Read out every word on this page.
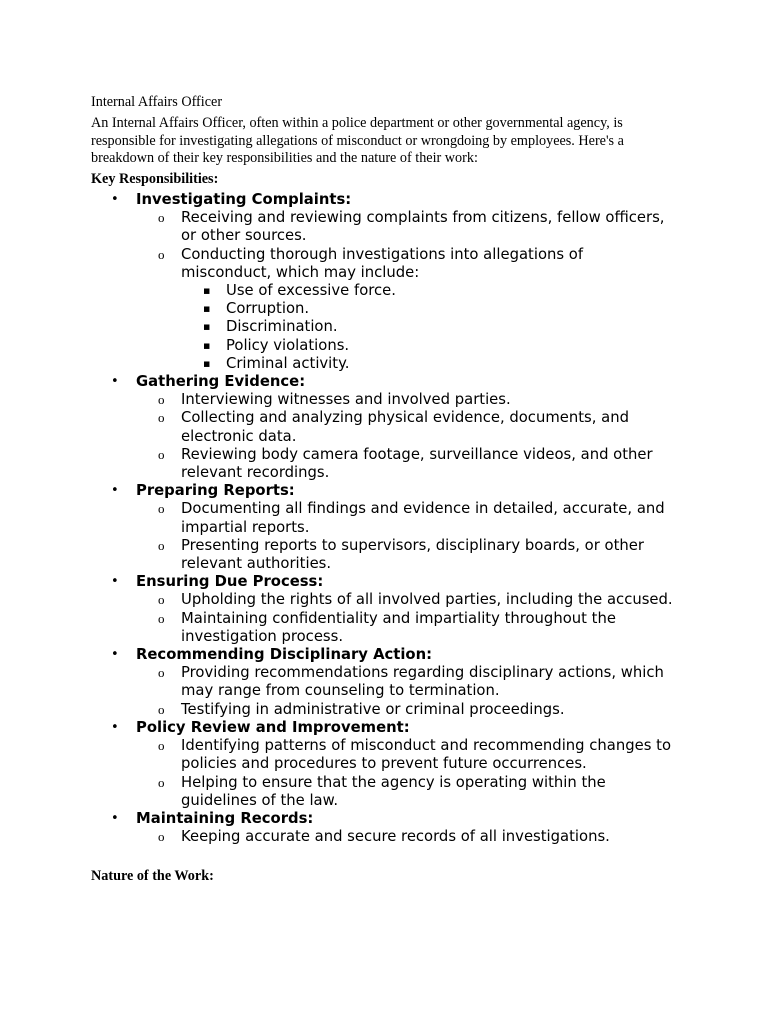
Internal Affairs Officer
An Internal Affairs Officer, often within a police department or other governmental agency, is responsible for investigating allegations of misconduct or wrongdoing by employees. Here's a breakdown of their key responsibilities and the nature of their work:
Key Responsibilities:
• Investigating Complaints:
o Receiving and reviewing complaints from citizens, fellow officers, or other sources.
o Conducting thorough investigations into allegations of misconduct, which may include:
▪ Use of excessive force.
▪ Corruption.
▪ Discrimination.
▪ Policy violations.
▪ Criminal activity.
• Gathering Evidence:
o Interviewing witnesses and involved parties.
o Collecting and analyzing physical evidence, documents, and electronic data.
o Reviewing body camera footage, surveillance videos, and other relevant recordings.
• Preparing Reports:
o Documenting all findings and evidence in detailed, accurate, and impartial reports.
o Presenting reports to supervisors, disciplinary boards, or other relevant authorities.
• Ensuring Due Process:
o Upholding the rights of all involved parties, including the accused.
o Maintaining confidentiality and impartiality throughout the investigation process.
• Recommending Disciplinary Action:
o Providing recommendations regarding disciplinary actions, which may range from counseling to termination.
o Testifying in administrative or criminal proceedings.
• Policy Review and Improvement:
o Identifying patterns of misconduct and recommending changes to policies and procedures to prevent future occurrences.
o Helping to ensure that the agency is operating within the guidelines of the law.
• Maintaining Records:
o Keeping accurate and secure records of all investigations.
Nature of the Work:
